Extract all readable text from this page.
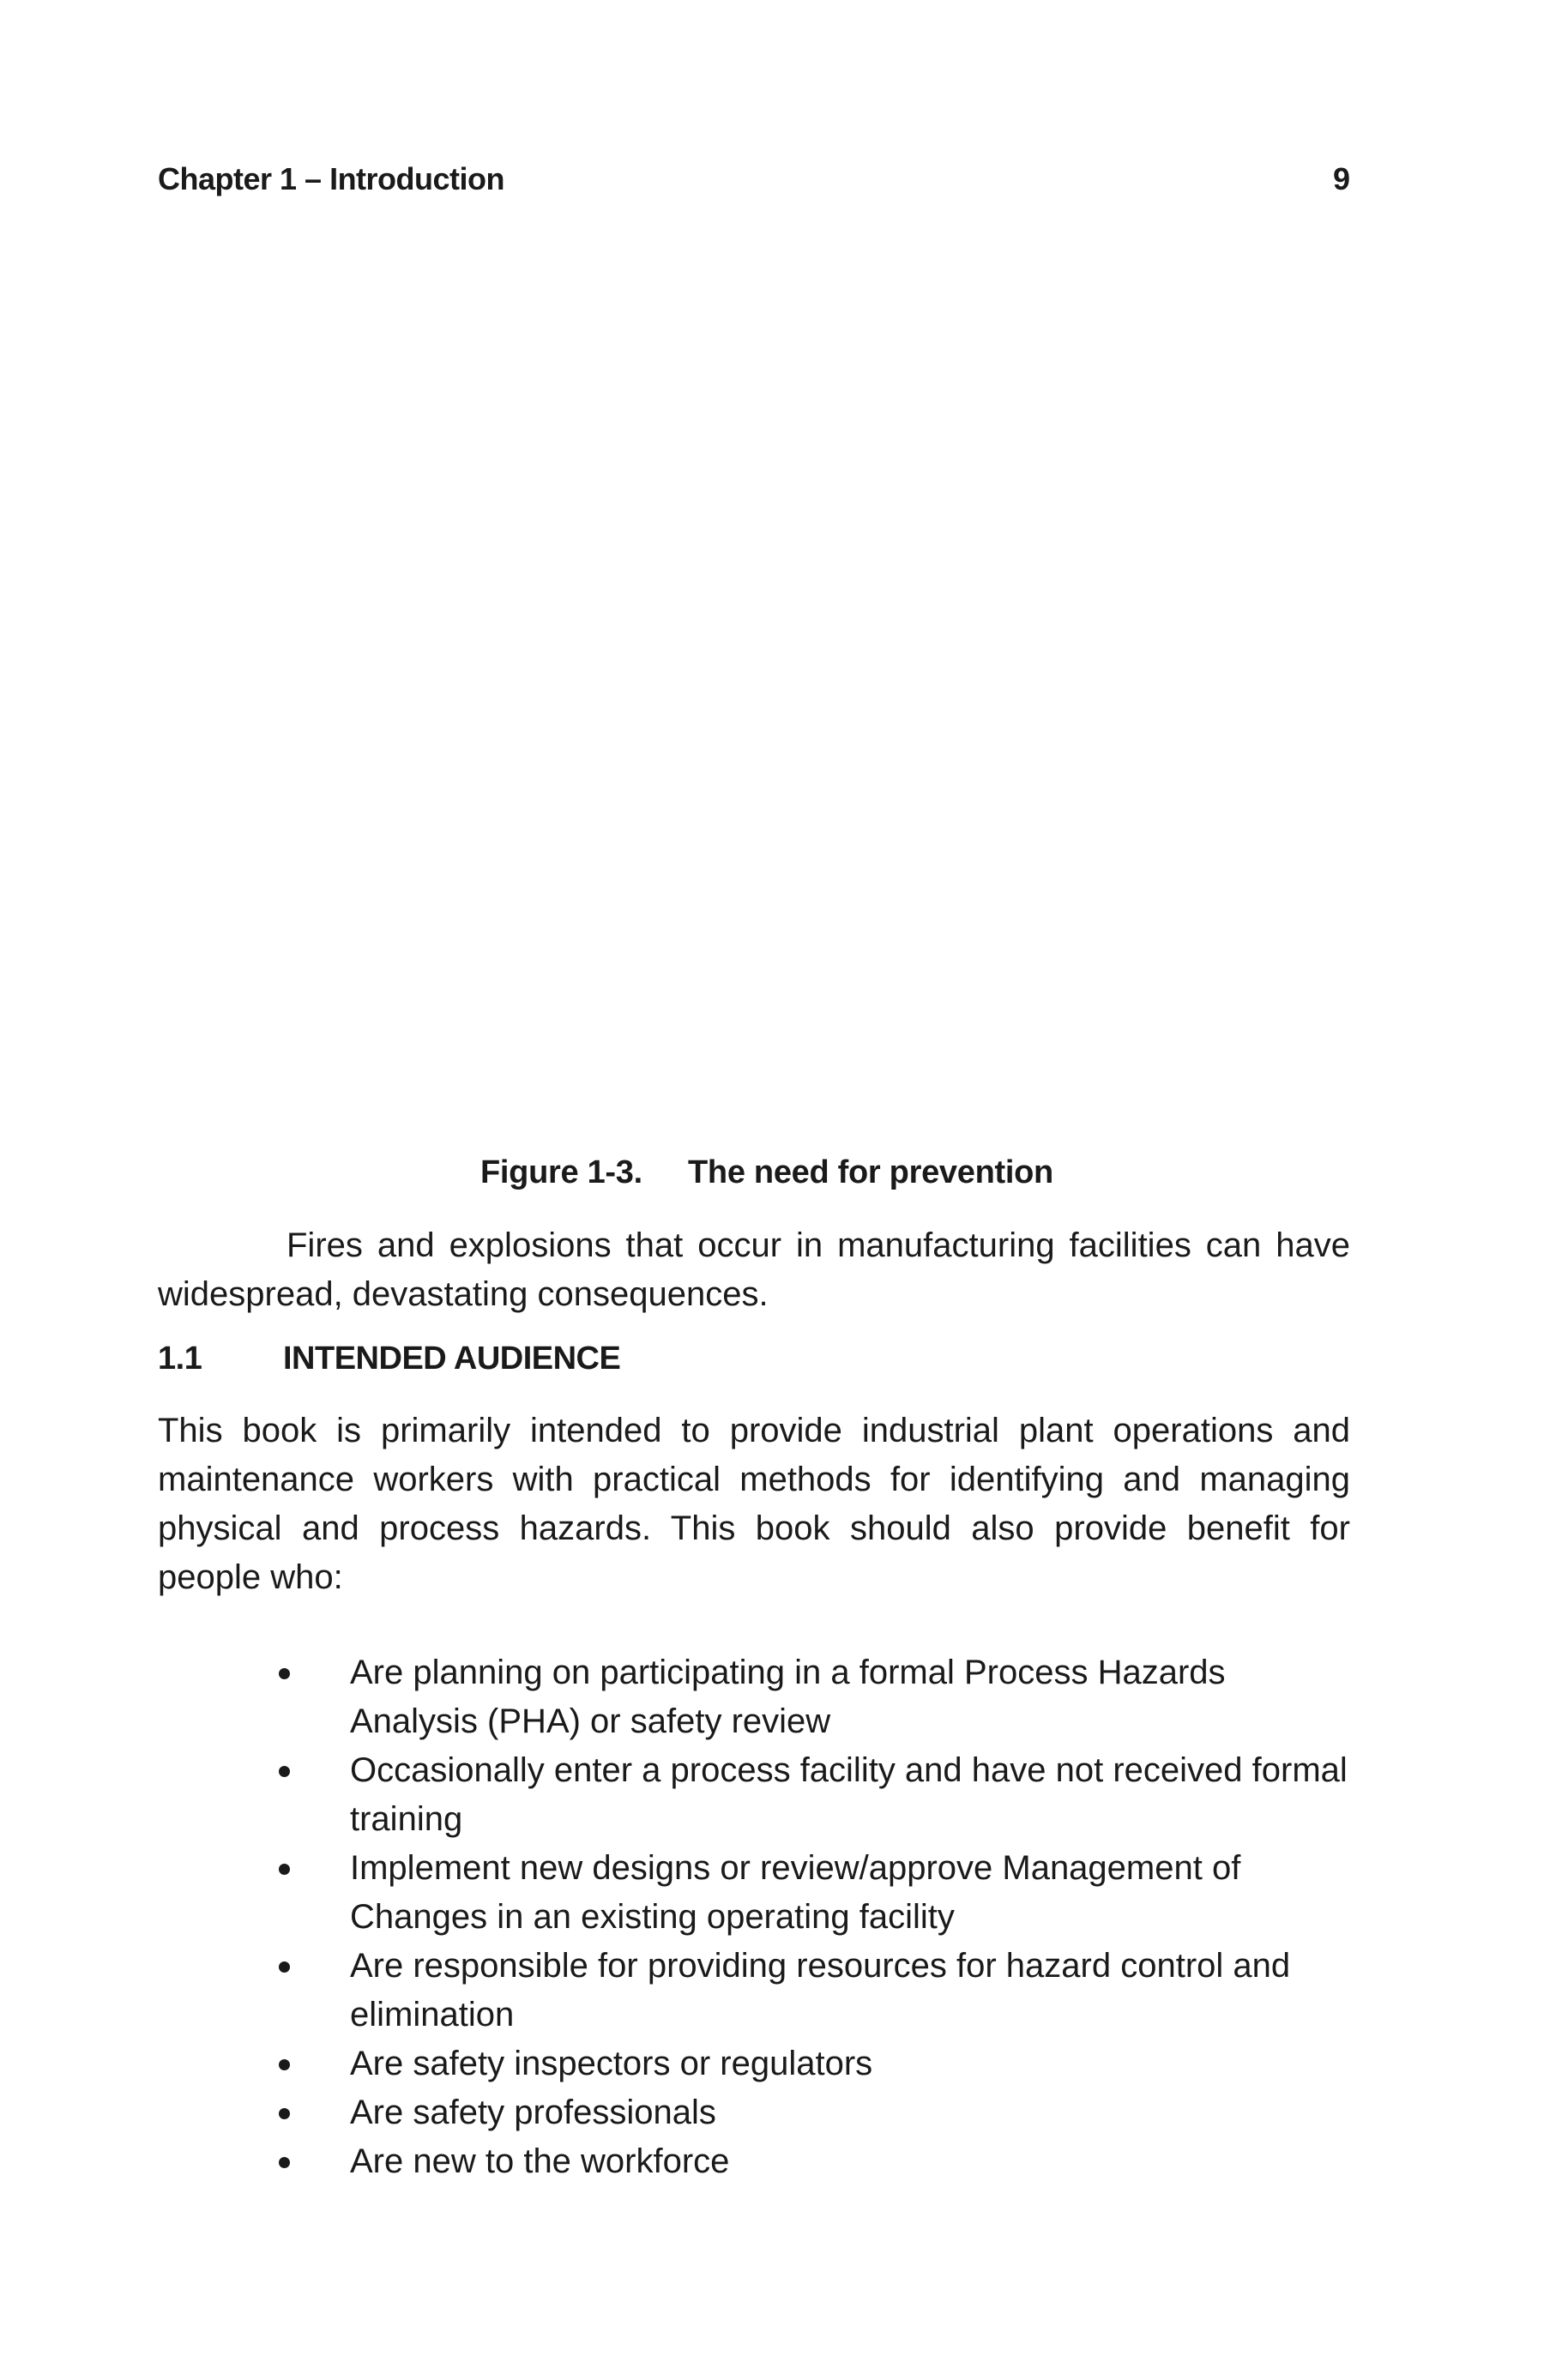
Chapter 1 – Introduction	9
Figure 1-3. The need for prevention

Fires and explosions that occur in manufacturing facilities can have widespread, devastating consequences.

1.1 INTENDED AUDIENCE

This book is primarily intended to provide industrial plant operations and maintenance workers with practical methods for identifying and managing physical and process hazards. This book should also provide benefit for people who:

Are planning on participating in a formal Process Hazards Analysis (PHA) or safety review
Occasionally enter a process facility and have not received formal training
Implement new designs or review/approve Management of Changes in an existing operating facility
Are responsible for providing resources for hazard control and elimination
Are safety inspectors or regulators
Are safety professionals
Are new to the workforce
